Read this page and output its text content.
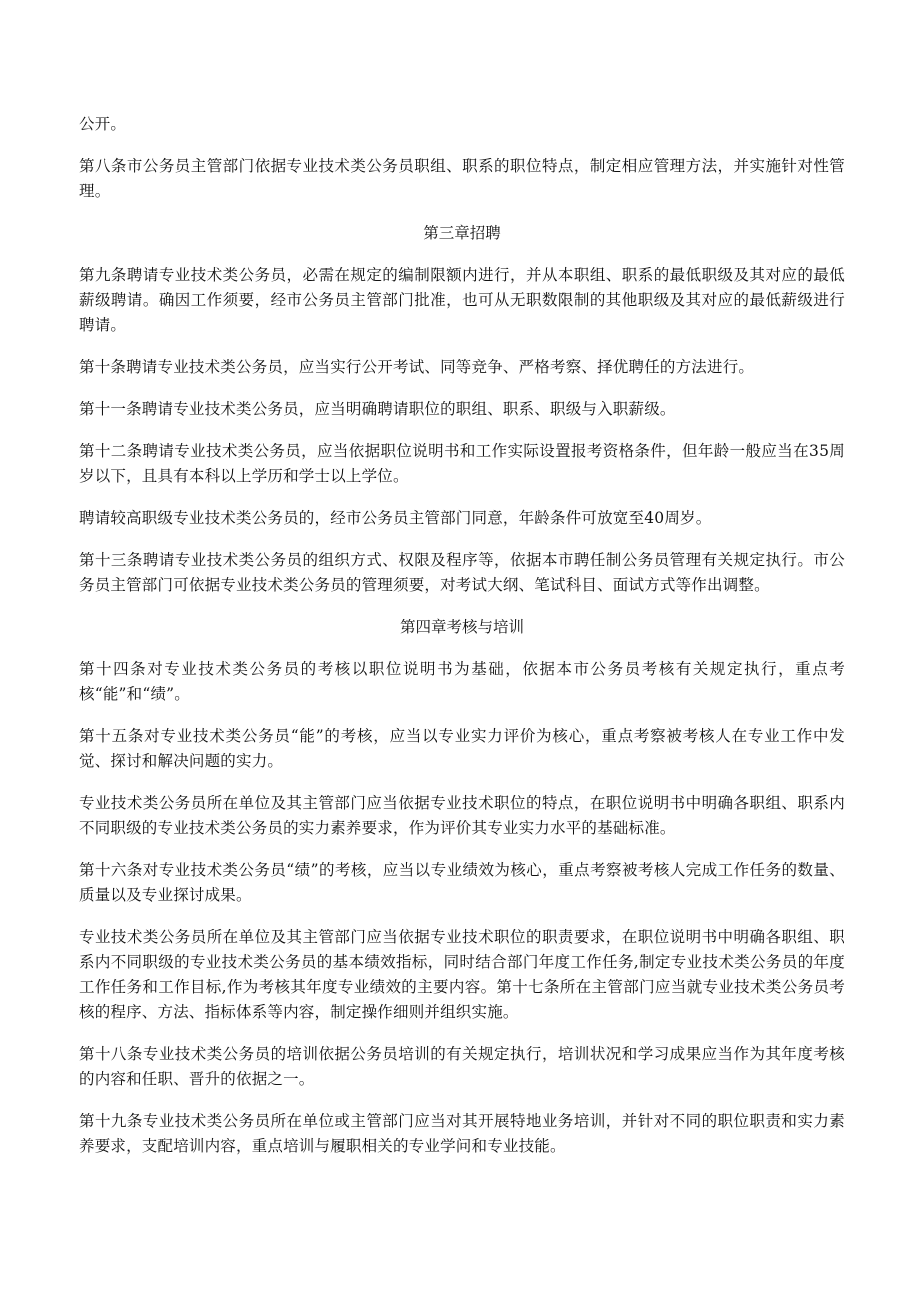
公开。

第八条市公务员主管部门依据专业技术类公务员职组、职系的职位特点，制定相应管理方法，并实施针对性管理。

第三章招聘

第九条聘请专业技术类公务员，必需在规定的编制限额内进行，并从本职组、职系的最低职级及其对应的最低薪级聘请。确因工作须要，经市公务员主管部门批准，也可从无职数限制的其他职级及其对应的最低薪级进行聘请。

第十条聘请专业技术类公务员，应当实行公开考试、同等竞争、严格考察、择优聘任的方法进行。

第十一条聘请专业技术类公务员，应当明确聘请职位的职组、职系、职级与入职薪级。

第十二条聘请专业技术类公务员，应当依据职位说明书和工作实际设置报考资格条件，但年龄一般应当在35周岁以下，且具有本科以上学历和学士以上学位。

聘请较高职级专业技术类公务员的，经市公务员主管部门同意，年龄条件可放宽至40周岁。

第十三条聘请专业技术类公务员的组织方式、权限及程序等，依据本市聘任制公务员管理有关规定执行。市公务员主管部门可依据专业技术类公务员的管理须要，对考试大纲、笔试科目、面试方式等作出调整。

第四章考核与培训

第十四条对专业技术类公务员的考核以职位说明书为基础，依据本市公务员考核有关规定执行，重点考核“能”和“绩”。

第十五条对专业技术类公务员“能”的考核，应当以专业实力评价为核心，重点考察被考核人在专业工作中发觉、探讨和解决问题的实力。

专业技术类公务员所在单位及其主管部门应当依据专业技术职位的特点，在职位说明书中明确各职组、职系内不同职级的专业技术类公务员的实力素养要求，作为评价其专业实力水平的基础标准。

第十六条对专业技术类公务员“绩”的考核，应当以专业绩效为核心，重点考察被考核人完成工作任务的数量、质量以及专业探讨成果。

专业技术类公务员所在单位及其主管部门应当依据专业技术职位的职责要求，在职位说明书中明确各职组、职系内不同职级的专业技术类公务员的基本绩效指标，同时结合部门年度工作任务,制定专业技术类公务员的年度工作任务和工作目标,作为考核其年度专业绩效的主要内容。第十七条所在主管部门应当就专业技术类公务员考核的程序、方法、指标体系等内容，制定操作细则并组织实施。

第十八条专业技术类公务员的培训依据公务员培训的有关规定执行，培训状况和学习成果应当作为其年度考核的内容和任职、晋升的依据之一。

第十九条专业技术类公务员所在单位或主管部门应当对其开展特地业务培训，并针对不同的职位职责和实力素养要求，支配培训内容，重点培训与履职相关的专业学问和专业技能。
